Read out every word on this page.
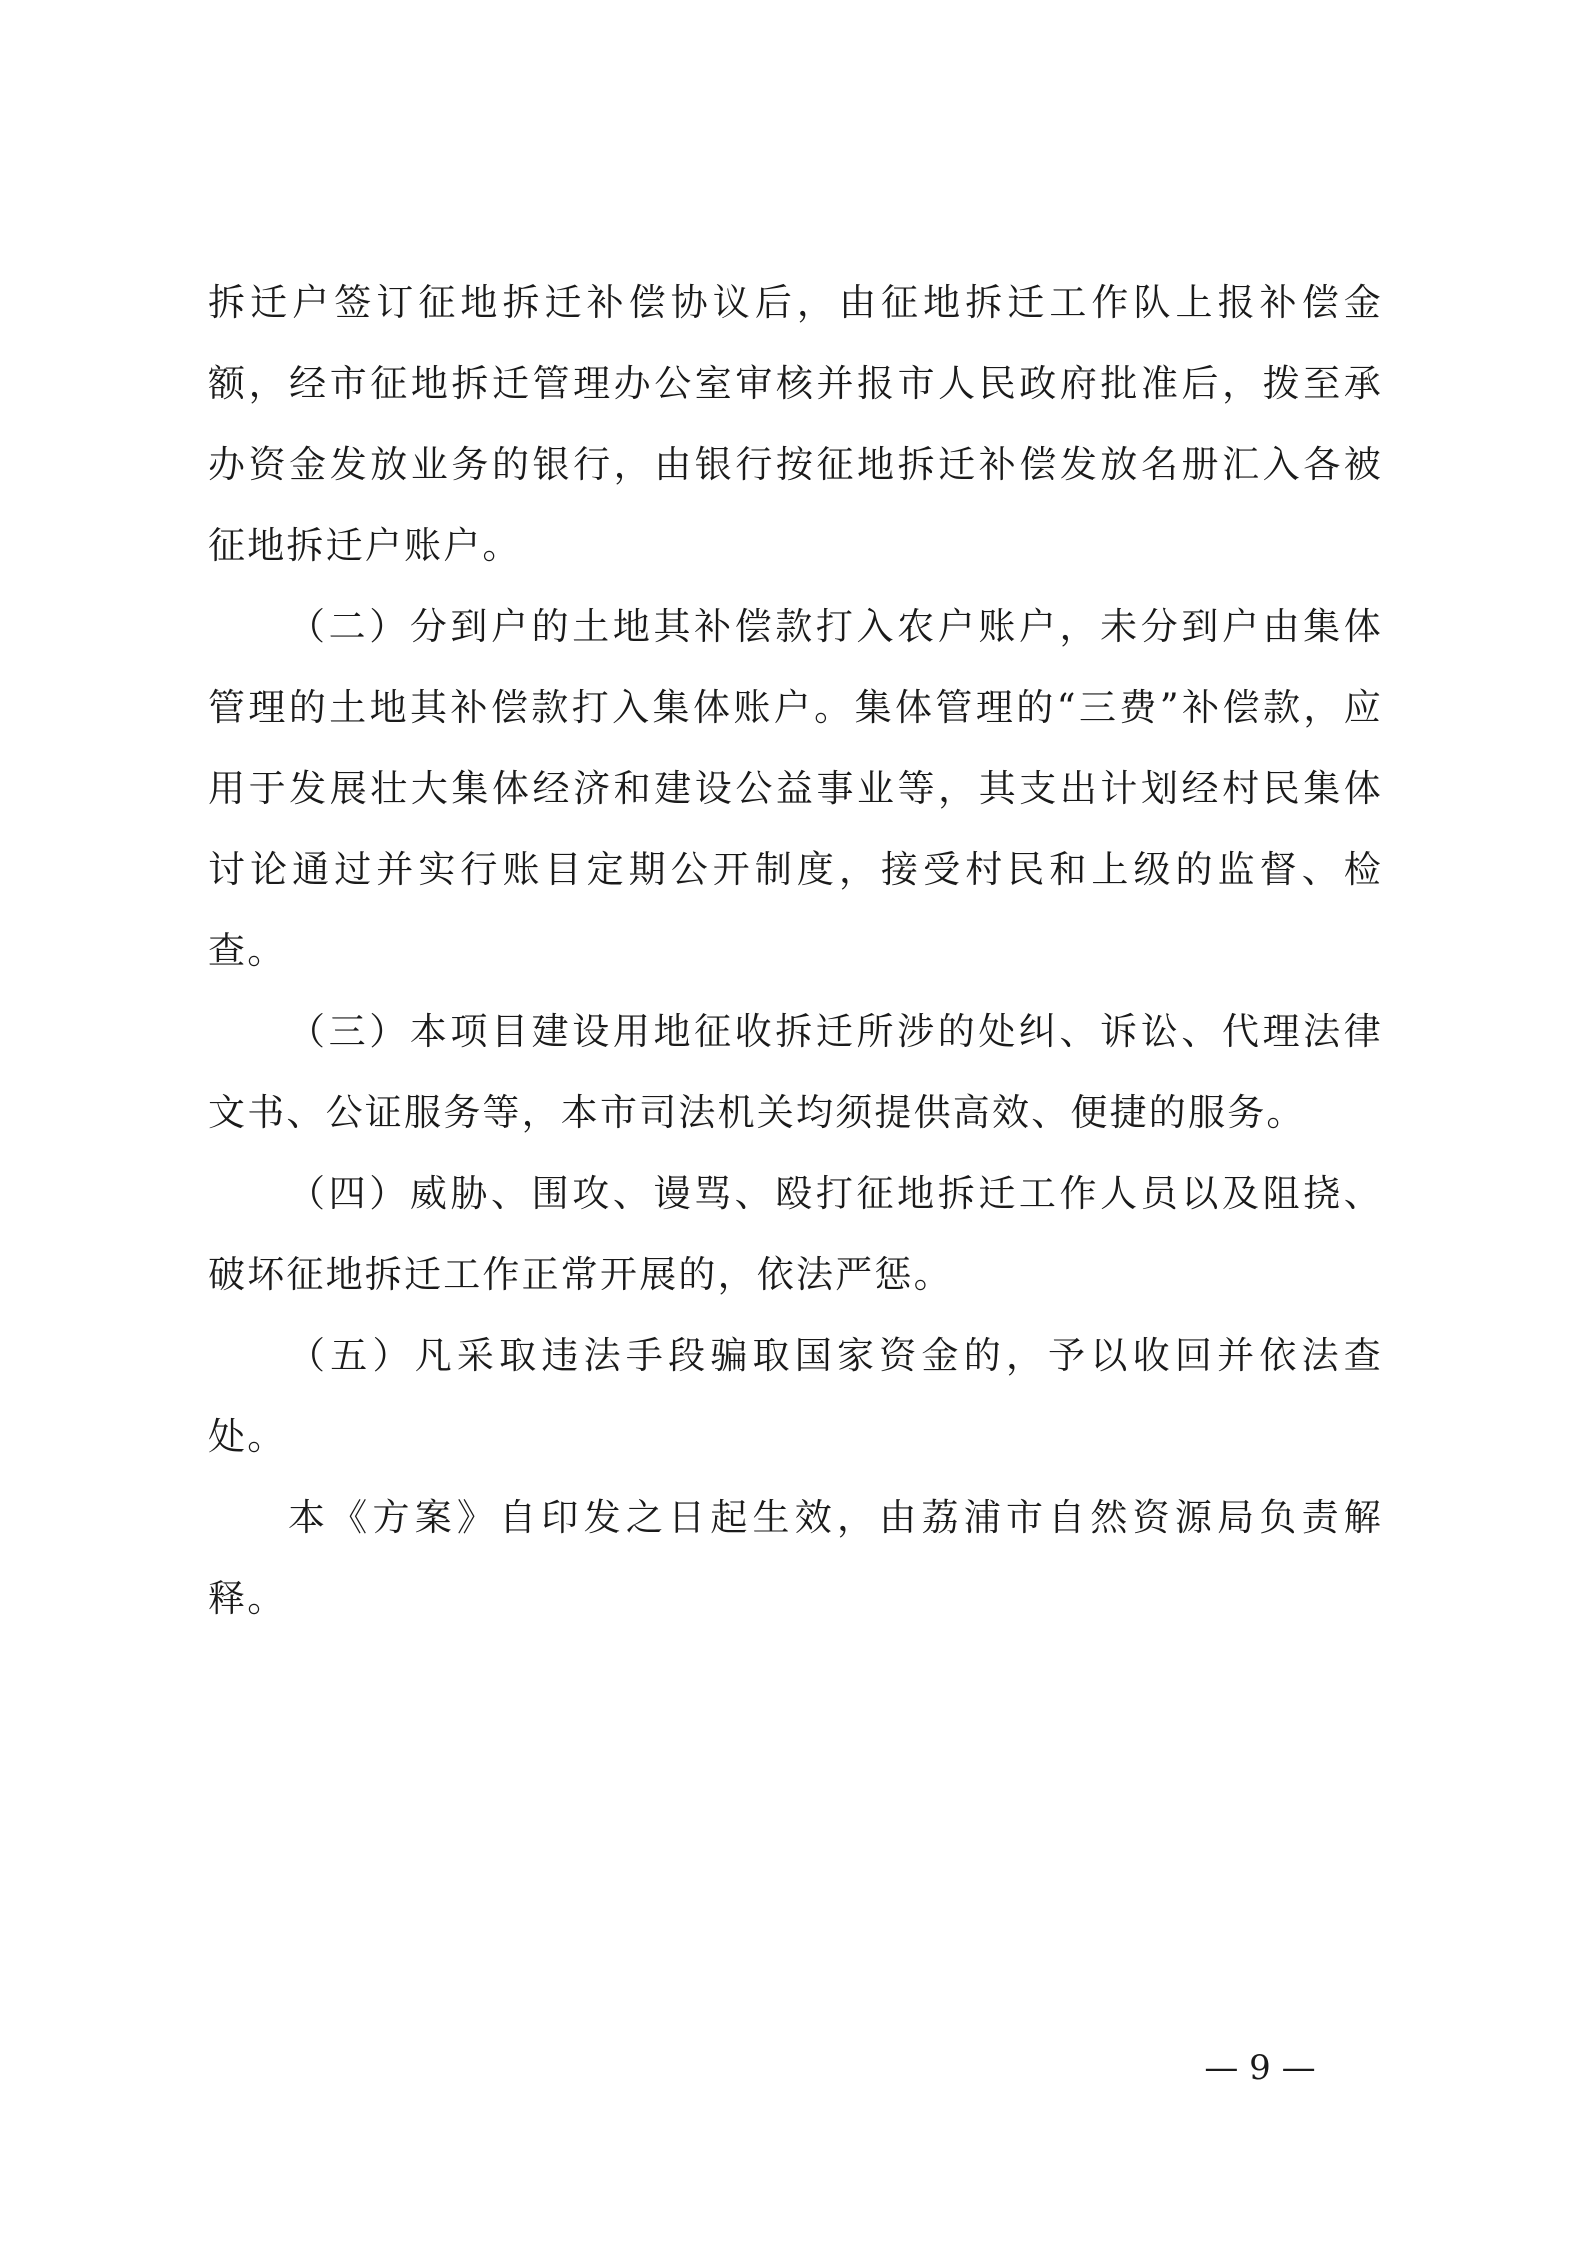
拆迁户签订征地拆迁补偿协议后，由征地拆迁工作队上报补偿金额，经市征地拆迁管理办公室审核并报市人民政府批准后，拨至承办资金发放业务的银行，由银行按征地拆迁补偿发放名册汇入各被征地拆迁户账户。

（二）分到户的土地其补偿款打入农户账户，未分到户由集体管理的土地其补偿款打入集体账户。集体管理的“三费”补偿款，应用于发展壮大集体经济和建设公益事业等，其支出计划经村民集体讨论通过并实行账目定期公开制度，接受村民和上级的监督、检查。

（三）本项目建设用地征收拆迁所涉的处纠、诉讼、代理法律文书、公证服务等，本市司法机关均须提供高效、便捷的服务。

（四）威胁、围攻、谩骂、殴打征地拆迁工作人员以及阻挠、破坏征地拆迁工作正常开展的，依法严惩。

（五）凡采取违法手段骗取国家资金的，予以收回并依法查处。

本《方案》自印发之日起生效，由荔浦市自然资源局负责解释。

— 9 —
